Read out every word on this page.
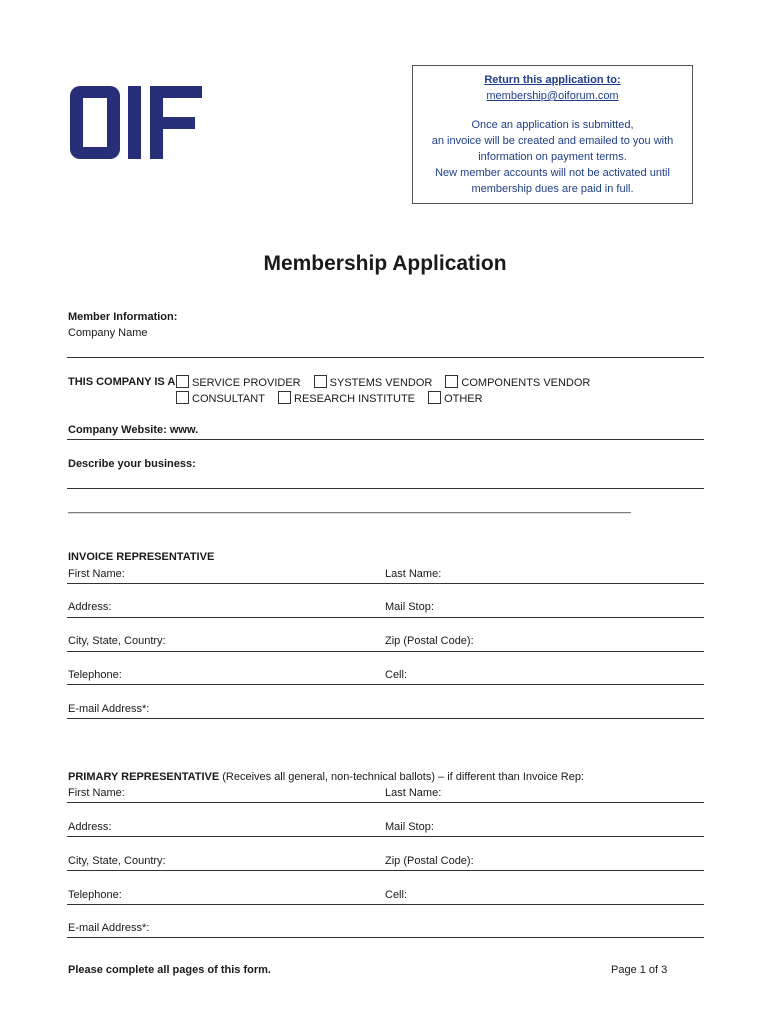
Return this application to:
membership@oiforum.com
Once an application is submitted,
an invoice will be created and emailed to you with
information on payment terms.
New member accounts will not be activated until
membership dues are paid in full.
Membership Application
Member Information:
Company Name
THIS COMPANY IS A	SERVICE PROVIDER	SYSTEMS VENDOR	COMPONENTS VENDOR
CONSULTANT	RESEARCH INSTITUTE	OTHER
Company Website: www.
Describe your business:
____________________________________________________________________________________________
INVOICE REPRESENTATIVE
First Name:	Last Name:
Address:	Mail Stop:
City, State, Country:	Zip (Postal Code):
Telephone:	Cell:
E-mail Address*:
PRIMARY REPRESENTATIVE (Receives all general, non-technical ballots) – if different than Invoice Rep:
First Name:	Last Name:
Address:	Mail Stop:
City, State, Country:	Zip (Postal Code):
Telephone:	Cell:
E-mail Address*:
Please complete all pages of this form.	Page 1 of 3
